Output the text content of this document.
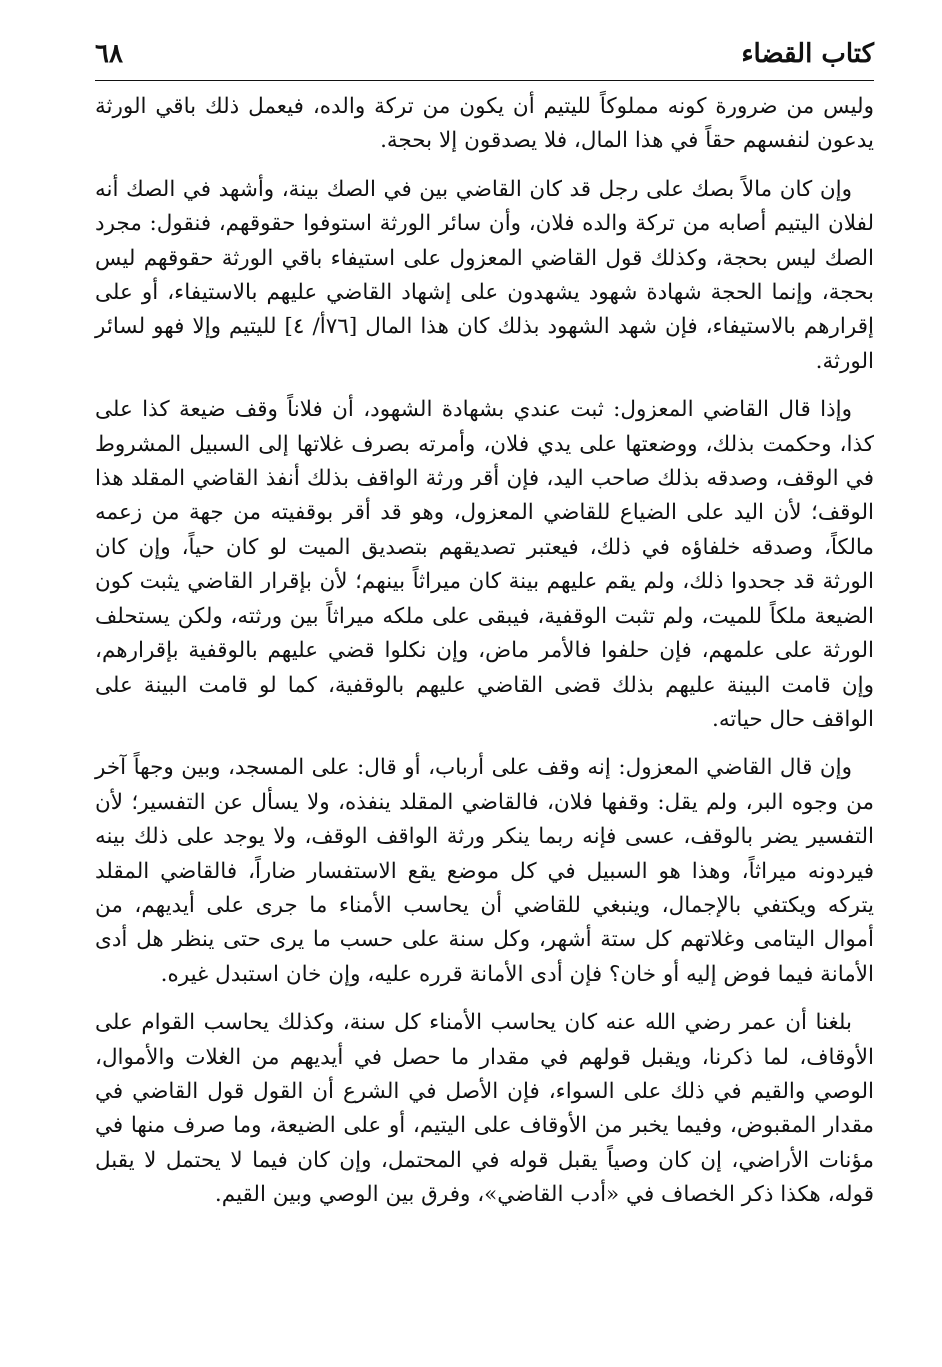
كتاب القضاء
٦٨

وليس من ضرورة كونه مملوكاً لليتيم أن يكون من تركة والده، فيعمل ذلك باقي الورثة يدعون لنفسهم حقاً في هذا المال، فلا يصدقون إلا بحجة.

وإن كان مالاً بصك على رجل قد كان القاضي بين في الصك بينة، وأشهد في الصك أنه لفلان اليتيم أصابه من تركة والده فلان، وأن سائر الورثة استوفوا حقوقهم، فنقول: مجرد الصك ليس بحجة، وكذلك قول القاضي المعزول على استيفاء باقي الورثة حقوقهم ليس بحجة، وإنما الحجة شهادة شهود يشهدون على إشهاد القاضي عليهم بالاستيفاء، أو على إقرارهم بالاستيفاء، فإن شهد الشهود بذلك كان هذا المال [٧٦أ/ ٤] لليتيم وإلا فهو لسائر الورثة.

وإذا قال القاضي المعزول: ثبت عندي بشهادة الشهود، أن فلاناً وقف ضيعة كذا على كذا، وحكمت بذلك، ووضعتها على يدي فلان، وأمرته بصرف غلاتها إلى السبيل المشروط في الوقف، وصدقه بذلك صاحب اليد، فإن أقر ورثة الواقف بذلك أنفذ القاضي المقلد هذا الوقف؛ لأن اليد على الضياع للقاضي المعزول، وهو قد أقر بوقفيته من جهة من زعمه مالكاً، وصدقه خلفاؤه في ذلك، فيعتبر تصديقهم بتصديق الميت لو كان حياً، وإن كان الورثة قد جحدوا ذلك، ولم يقم عليهم بينة كان ميراثاً بينهم؛ لأن بإقرار القاضي يثبت كون الضيعة ملكاً للميت، ولم تثبت الوقفية، فيبقى على ملكه ميراثاً بين ورثته، ولكن يستحلف الورثة على علمهم، فإن حلفوا فالأمر ماض، وإن نكلوا قضي عليهم بالوقفية بإقرارهم، وإن قامت البينة عليهم بذلك قضى القاضي عليهم بالوقفية، كما لو قامت البينة على الواقف حال حياته.

وإن قال القاضي المعزول: إنه وقف على أرباب، أو قال: على المسجد، وبين وجهاً آخر من وجوه البر، ولم يقل: وقفها فلان، فالقاضي المقلد ينفذه، ولا يسأل عن التفسير؛ لأن التفسير يضر بالوقف، عسى فإنه ربما ينكر ورثة الواقف الوقف، ولا يوجد على ذلك بينه فيردونه ميراثاً، وهذا هو السبيل في كل موضع يقع الاستفسار ضاراً، فالقاضي المقلد يتركه ويكتفي بالإجمال، وينبغي للقاضي أن يحاسب الأمناء ما جرى على أيديهم، من أموال اليتامى وغلاتهم كل ستة أشهر، وكل سنة على حسب ما يرى حتى ينظر هل أدى الأمانة فيما فوض إليه أو خان؟ فإن أدى الأمانة قرره عليه، وإن خان استبدل غيره.

بلغنا أن عمر رضي الله عنه كان يحاسب الأمناء كل سنة، وكذلك يحاسب القوام على الأوقاف، لما ذكرنا، ويقبل قولهم في مقدار ما حصل في أيديهم من الغلات والأموال، الوصي والقيم في ذلك على السواء، فإن الأصل في الشرع أن القول قول القاضي في مقدار المقبوض، وفيما يخبر من الأوقاف على اليتيم، أو على الضيعة، وما صرف منها في مؤنات الأراضي، إن كان وصياً يقبل قوله في المحتمل، وإن كان فيما لا يحتمل لا يقبل قوله، هكذا ذكر الخصاف في «أدب القاضي»، وفرق بين الوصي وبين القيم.
